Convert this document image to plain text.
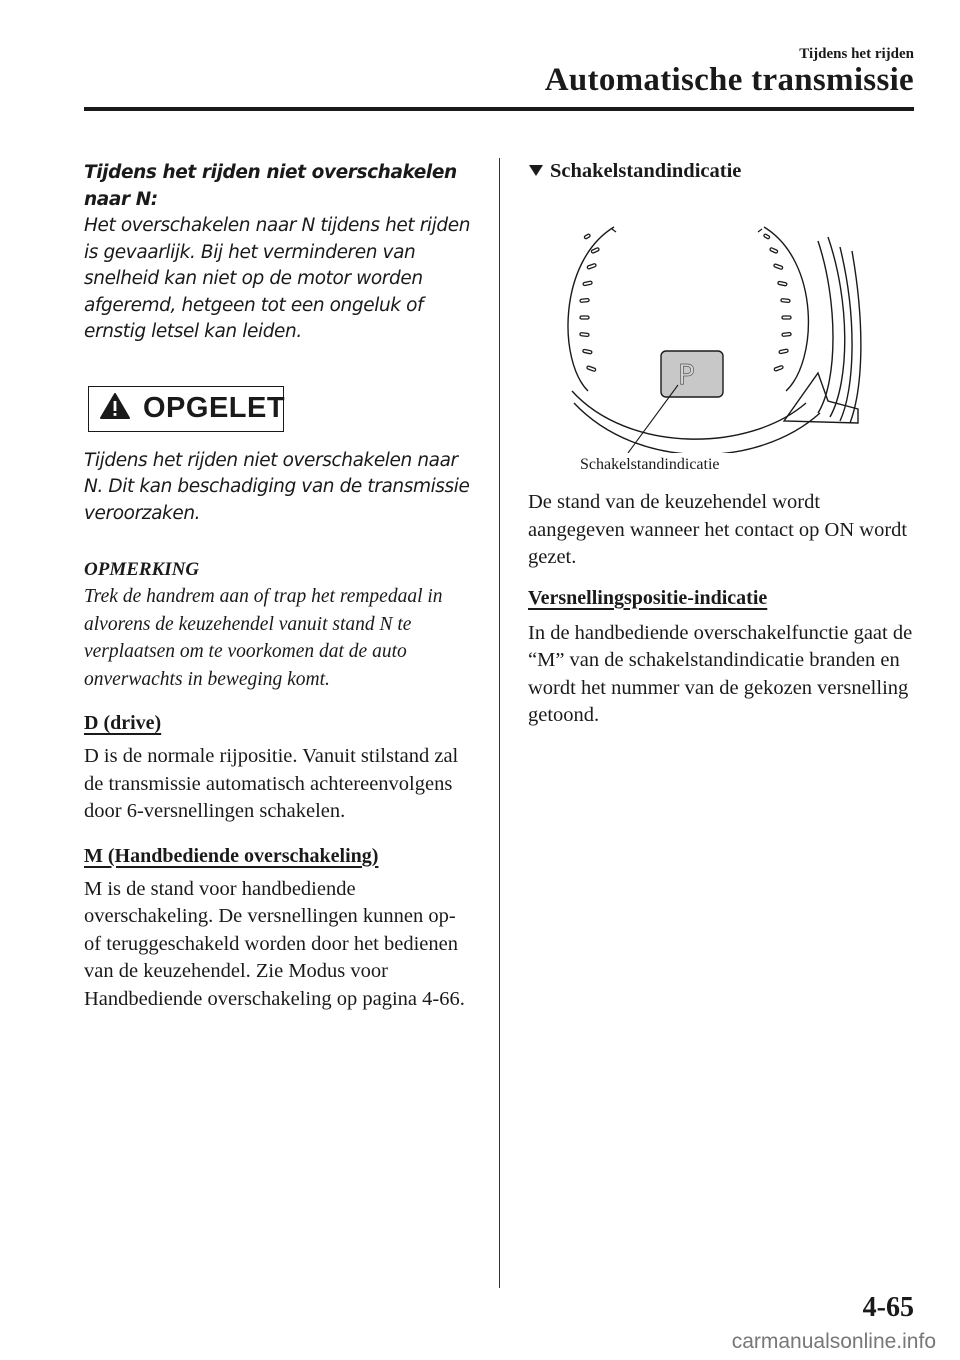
Tijdens het rijden
Automatische transmissie
Tijdens het rijden niet overschakelen naar N:
Het overschakelen naar N tijdens het rijden is gevaarlijk. Bij het verminderen van snelheid kan niet op de motor worden afgeremd, hetgeen tot een ongeluk of ernstig letsel kan leiden.
OPGELET
Tijdens het rijden niet overschakelen naar N. Dit kan beschadiging van de transmissie veroorzaken.
OPMERKING
Trek de handrem aan of trap het rempedaal in alvorens de keuzehendel vanuit stand N te verplaatsen om te voorkomen dat de auto onverwachts in beweging komt.
D (drive)
D is de normale rijpositie. Vanuit stilstand zal de transmissie automatisch achtereenvolgens door 6-versnellingen schakelen.
M (Handbediende overschakeling)
M is de stand voor handbediende overschakeling. De versnellingen kunnen op- of teruggeschakeld worden door het bedienen van de keuzehendel. Zie Modus voor Handbediende overschakeling op pagina 4-66.
Schakelstandindicatie
P
Schakelstandindicatie
De stand van de keuzehendel wordt aangegeven wanneer het contact op ON wordt gezet.
Versnellingspositie-indicatie
In de handbediende overschakelfunctie gaat de “M” van de schakelstandindicatie branden en wordt het nummer van de gekozen versnelling getoond.
4-65
carmanualsonline.info
